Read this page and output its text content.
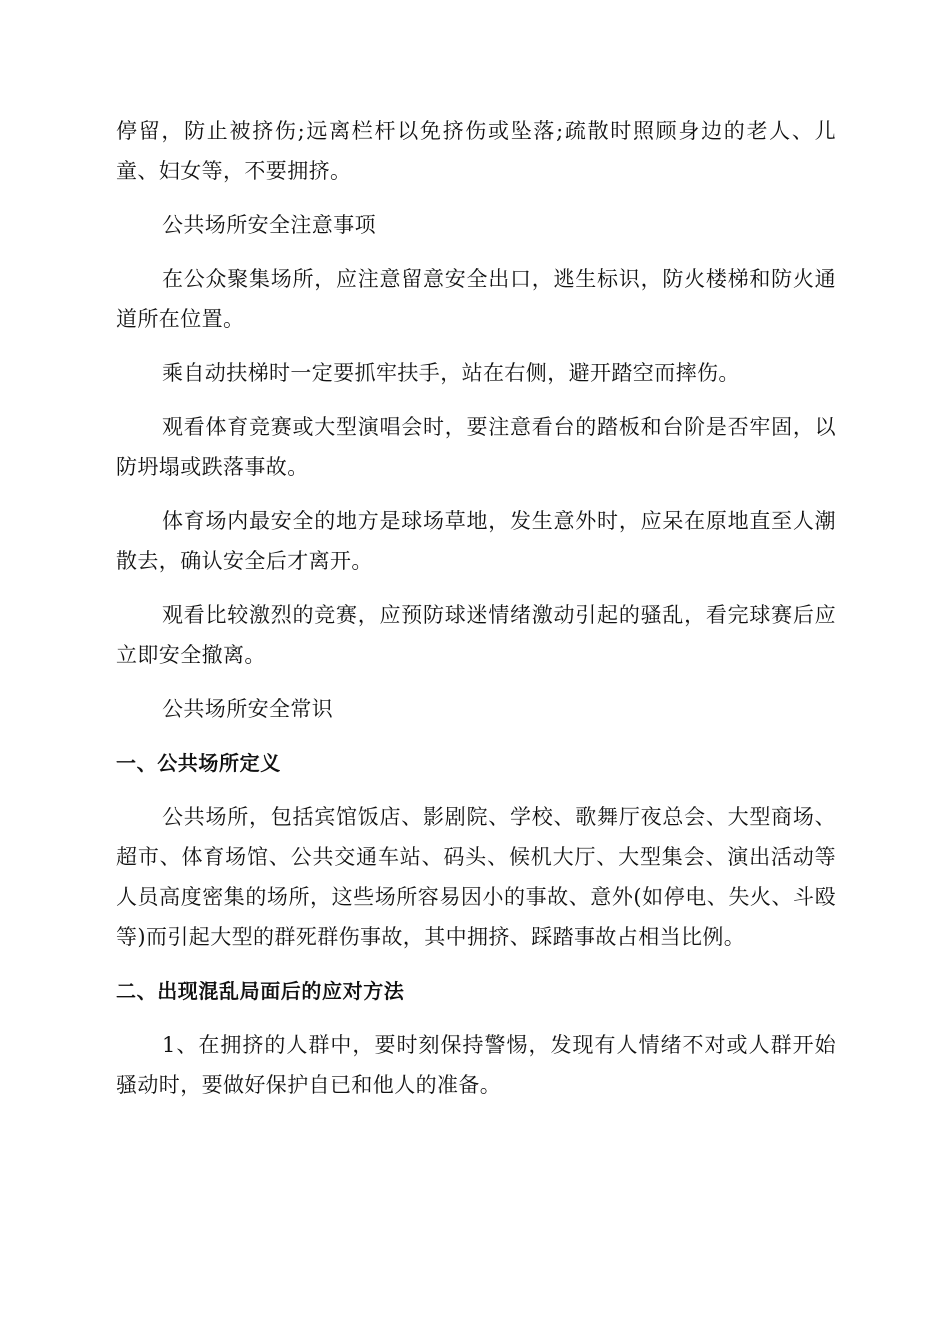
停留，防止被挤伤;远离栏杆以免挤伤或坠落;疏散时照顾身边的老人、儿童、妇女等，不要拥挤。

公共场所安全注意事项

在公众聚集场所，应注意留意安全出口，逃生标识，防火楼梯和防火通道所在位置。

乘自动扶梯时一定要抓牢扶手，站在右侧，避开踏空而摔伤。

观看体育竞赛或大型演唱会时，要注意看台的踏板和台阶是否牢固，以防坍塌或跌落事故。

体育场内最安全的地方是球场草地，发生意外时，应呆在原地直至人潮散去，确认安全后才离开。

观看比较激烈的竞赛，应预防球迷情绪激动引起的骚乱，看完球赛后应立即安全撤离。

公共场所安全常识

一、公共场所定义

公共场所，包括宾馆饭店、影剧院、学校、歌舞厅夜总会、大型商场、超市、体育场馆、公共交通车站、码头、候机大厅、大型集会、演出活动等人员高度密集的场所，这些场所容易因小的事故、意外(如停电、失火、斗殴等)而引起大型的群死群伤事故，其中拥挤、踩踏事故占相当比例。

二、出现混乱局面后的应对方法

1、在拥挤的人群中，要时刻保持警惕，发现有人情绪不对或人群开始骚动时，要做好保护自已和他人的准备。
